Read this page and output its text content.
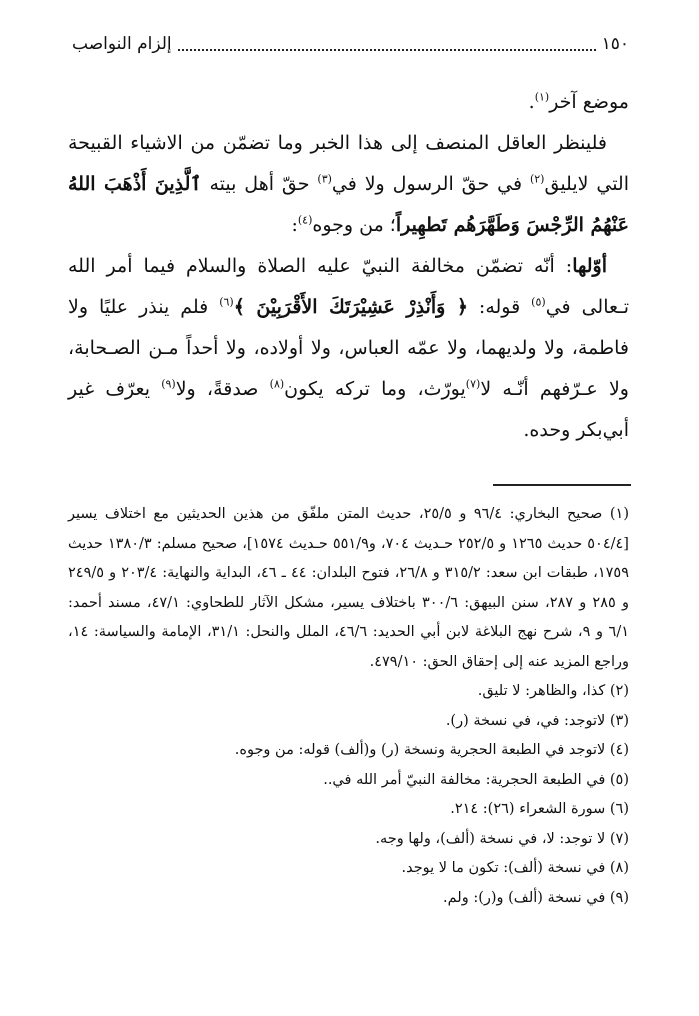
١٥٠
إلزام النواصب

موضع آخر$^{(١)}$.

فلينظر العاقل المنصف إلى هذا الخبر وما تضمّن من الاشياء القبيحة التي لايليق$^{(٢)}$ في حقّ الرسول ولا في$^{(٣)}$ حقّ أهل بيته ٱلَّذِينَ أَذْهَبَ اللهُ عَنْهُمُ الرِّجْسَ وَطَهَّرَهُم تَطهِيراً؛ من وجوه$^{(٤)}$:

أوّلها: أنّه تضمّن مخالفة النبيّ عليه الصلاة والسلام فيما أمر الله تـعالى في$^{(٥)}$ قوله: ﴿ وَأَنْذِرْ عَشِيْرَتَكَ الأَقْرَبِيْنَ ﴾$^{(٦)}$ فلم ينذر عليًا ولا فاطمة، ولا ولديهما، ولا عمّه العباس، ولا أولاده، ولا أحداً مـن الصـحابة، ولا عـرّفهم أنّـه لا$^{(٧)}$يورّث، وما تركه يكون$^{(٨)}$ صدقةً، ولا$^{(٩)}$ يعرّف غير أبي‌بكر وحده.

(١) صحيح البخاري: ٩٦/٤ و ٢٥/٥، حديث المتن ملفّق من هذين الحديثين مع اختلاف يسير [٥٠٤/٤ حديث ١٢٦٥ و ٢٥٢/٥ حـديث ٧٠٤، و٥٥١/٩ حـديث ١٥٧٤]، صحيح مسلم: ١٣٨٠/٣ حديث ١٧٥٩، طبقات ابن سعد: ٣١٥/٢ و ٢٦/٨، فتوح البلدان: ٤٤ ـ ٤٦، البداية والنهاية: ٢٠٣/٤ و ٢٤٩/٥ و ٢٨٥ و ٢٨٧، سنن البيهق: ٣٠٠/٦ باختلاف يسير، مشكل الآثار للطحاوي: ٤٧/١، مسند أحمد: ٦/١ و ٩، شرح نهج البلاغة لابن أبي الحديد: ٤٦/٦، الملل والنحل: ٣١/١، الإمامة والسياسة: ١٤، وراجع المزيد عنه إلى إحقاق الحق: ٤٧٩/١٠.

(٢) كذا، والظاهر: لا تليق.

(٣) لاتوجد: في، في نسخة (ر).

(٤) لاتوجد في الطبعة الحجرية ونسخة (ر) و(ألف) قوله: من وجوه.

(٥) في الطبعة الحجرية: مخالفة النبيّ أمر الله في..

(٦) سورة الشعراء (٢٦): ٢١٤.

(٧) لا توجد: لا، في نسخة (ألف)، ولها وجه.

(٨) في نسخة (ألف): تكون ما لا يوجد.

(٩) في نسخة (ألف) و(ر): ولم.
